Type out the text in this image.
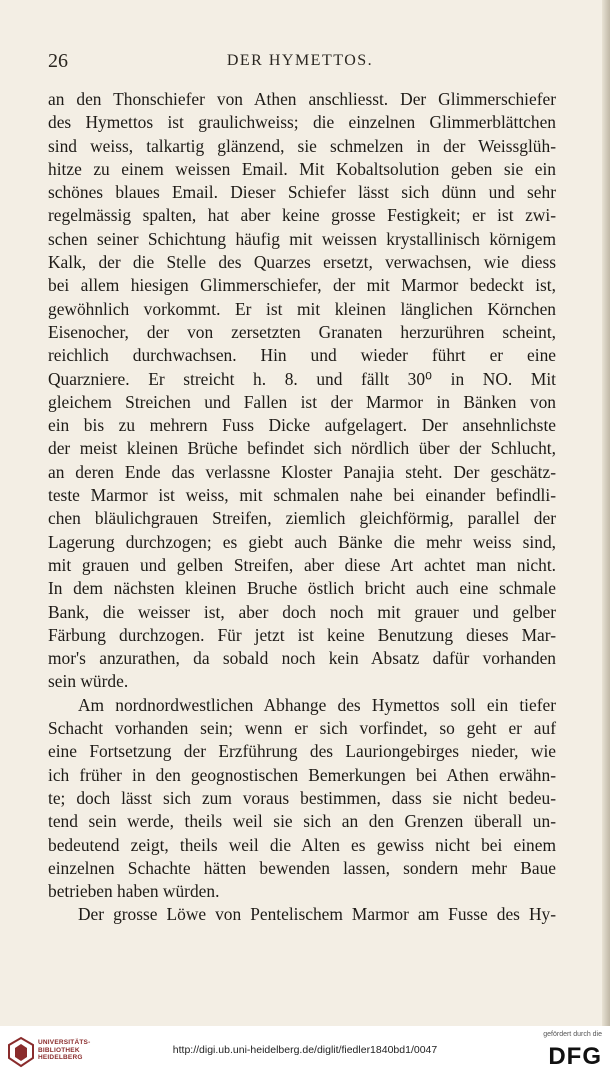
26	DER HYMETTOS.
an den Thonschiefer von Athen anschliesst. Der Glimmerschiefer
des Hymettos ist graulichweiss; die einzelnen Glimmerblättchen
sind weiss, talkartig glänzend, sie schmelzen in der Weissglüh-
hitze zu einem weissen Email. Mit Kobaltsolution geben sie ein
schönes blaues Email. Dieser Schiefer lässt sich dünn und sehr
regelmässig spalten, hat aber keine grosse Festigkeit; er ist zwi-
schen seiner Schichtung häufig mit weissen krystallinisch körnigem
Kalk, der die Stelle des Quarzes ersetzt, verwachsen, wie diess
bei allem hiesigen Glimmerschiefer, der mit Marmor bedeckt ist,
gewöhnlich vorkommt. Er ist mit kleinen länglichen Körnchen
Eisenocher, der von zersetzten Granaten herzurühren scheint,
reichlich durchwachsen. Hin und wieder führt er eine
Quarzniere. Er streicht h. 8. und fällt 30⁰ in NO. Mit
gleichem Streichen und Fallen ist der Marmor in Bänken von
ein bis zu mehrern Fuss Dicke aufgelagert. Der ansehnlichste
der meist kleinen Brüche befindet sich nördlich über der Schlucht,
an deren Ende das verlassne Kloster Panajia steht. Der geschätz-
teste Marmor ist weiss, mit schmalen nahe bei einander befindli-
chen bläulichgrauen Streifen, ziemlich gleichförmig, parallel der
Lagerung durchzogen; es giebt auch Bänke die mehr weiss sind,
mit grauen und gelben Streifen, aber diese Art achtet man nicht.
In dem nächsten kleinen Bruche östlich bricht auch eine schmale
Bank, die weisser ist, aber doch noch mit grauer und gelber
Färbung durchzogen. Für jetzt ist keine Benutzung dieses Mar-
mor's anzurathen, da sobald noch kein Absatz dafür vorhanden
sein würde.
Am nordnordwestlichen Abhange des Hymettos soll ein tiefer
Schacht vorhanden sein; wenn er sich vorfindet, so geht er auf
eine Fortsetzung der Erzführung des Lauriongebirges nieder, wie
ich früher in den geognostischen Bemerkungen bei Athen erwähn-
te; doch lässt sich zum voraus bestimmen, dass sie nicht bedeu-
tend sein werde, theils weil sie sich an den Grenzen überall un-
bedeutend zeigt, theils weil die Alten es gewiss nicht bei einem
einzelnen Schachte hätten bewenden lassen, sondern mehr Baue
betrieben haben würden.
Der grosse Löwe von Pentelischem Marmor am Fusse des Hy-
UNIVERSITÄTS-
BIBLIOTHEK
HEIDELBERG
http://digi.ub.uni-heidelberg.de/diglit/fiedler1840bd1/0047
gefördert durch die
DFG
